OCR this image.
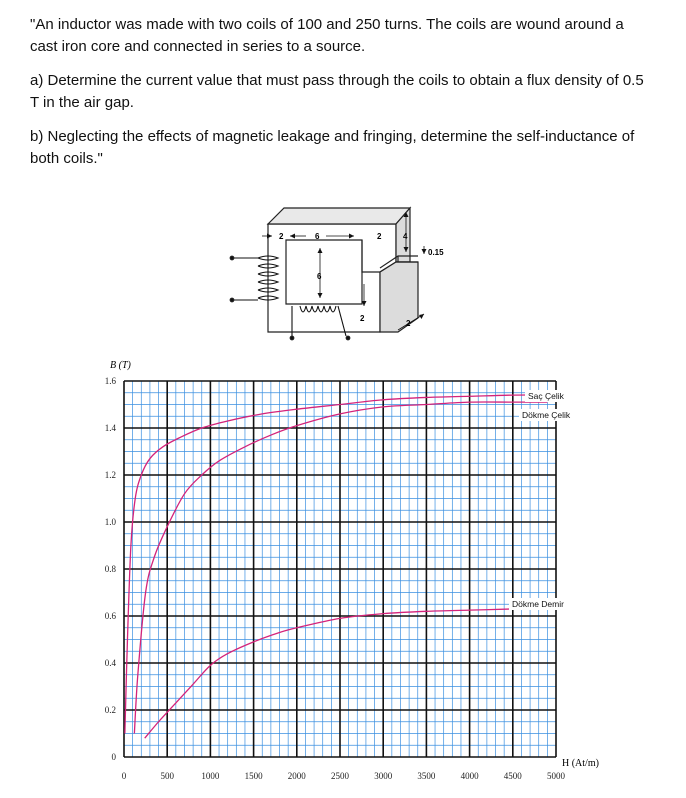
"An inductor was made with two coils of 100 and 250 turns. The coils are wound around a cast iron core and connected in series to a source.

a) Determine the current value that must pass through the coils to obtain a flux density of 0.5 T in the air gap.

b) Neglecting the effects of magnetic leakage and fringing, determine the self-inductance of both coils."

2	6	2	4
6
2
0.15
2
0	500	1000	1500	2000	2500	3000	3500	4000	4500	5000
0
0.2
0.4
0.6
0.8
1.0
1.2
1.4
1.6
B (T)
H (At/m)
Saç Çelik
Dökme Çelik
Dökme Demir
